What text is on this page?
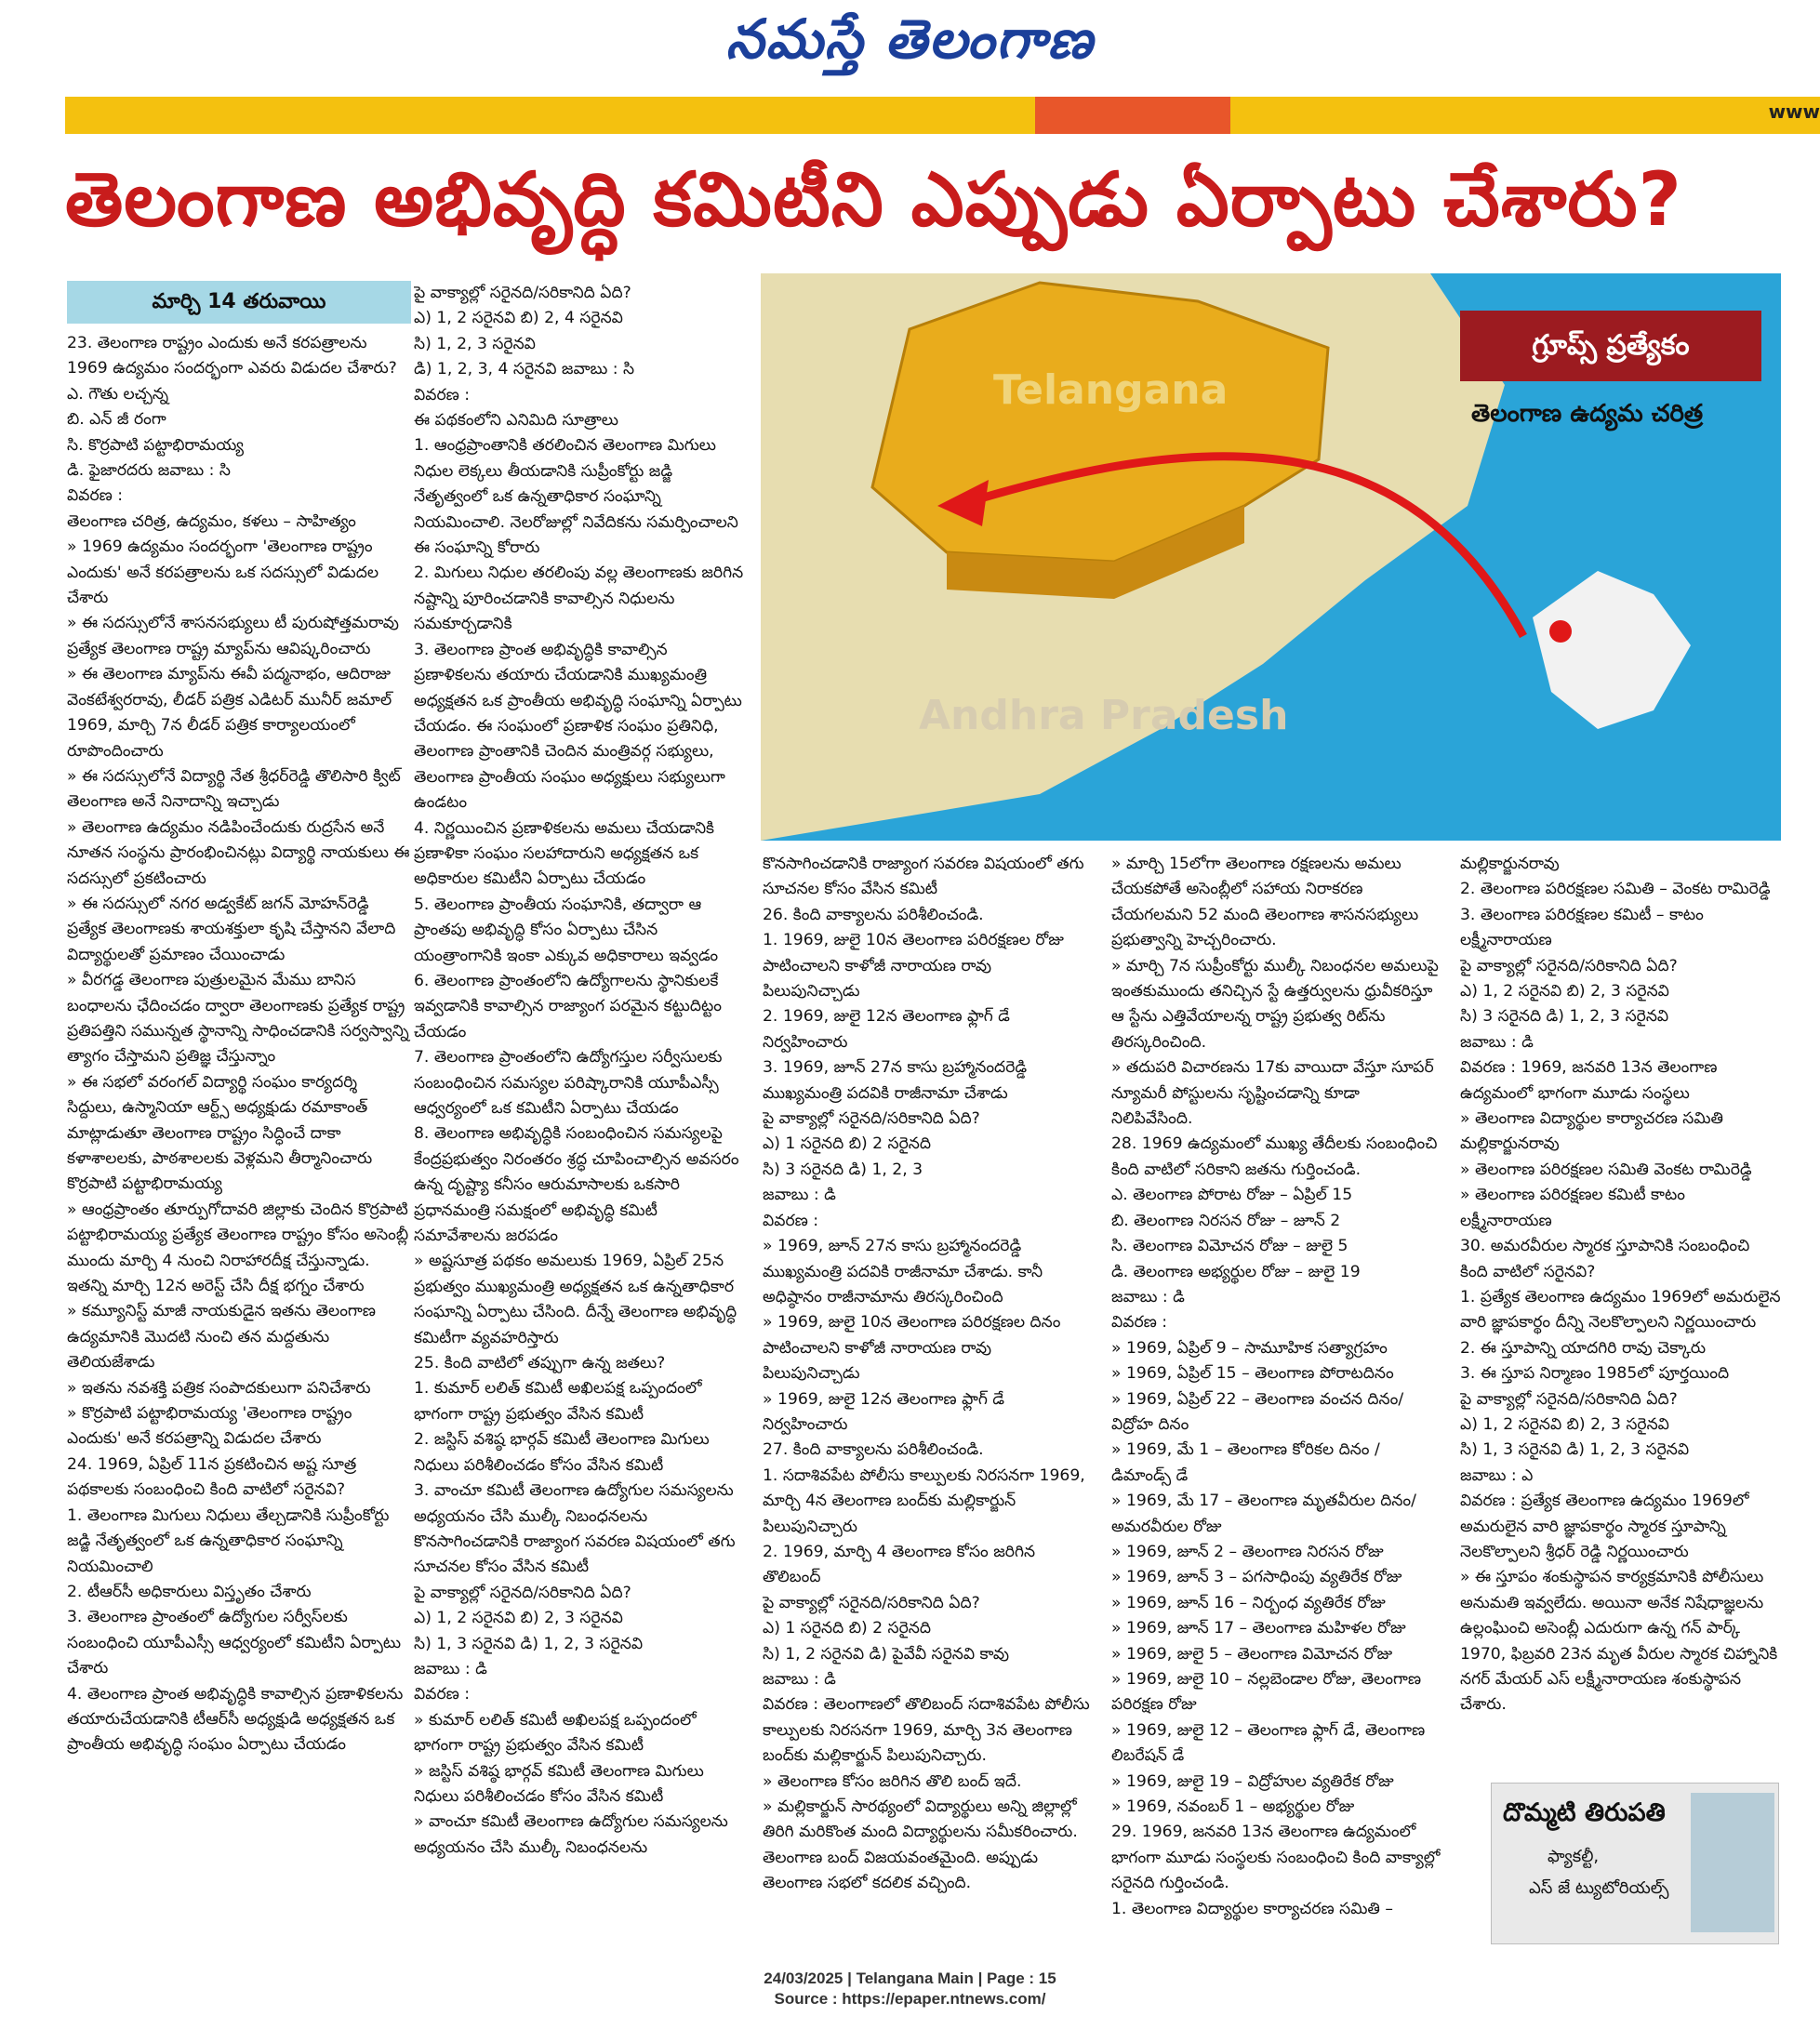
నమస్తే తెలంగాణ
www
తెలంగాణ అభివృద్ధి కమిటీని ఎప్పుడు ఏర్పాటు చేశారు?
మార్చి 14 తరువాయి

23. తెలంగాణ రాష్ట్రం ఎందుకు అనే కరపత్రాలను 1969 ఉద్యమం సందర్భంగా ఎవరు విడుదల చేశారు?

ఎ. గౌతు లచ్చన్న

బి. ఎన్ జీ రంగా

సి. కొర్రపాటి పట్టాభిరామయ్య

డి. ఫైజారదరు జవాబు : సి

వివరణ :

తెలంగాణ చరిత్ర, ఉద్యమం, కళలు – సాహిత్యం

» 1969 ఉద్యమం సందర్భంగా 'తెలంగాణ రాష్ట్రం ఎందుకు' అనే కరపత్రాలను ఒక సదస్సులో విడుదల చేశారు

» ఈ సదస్సులోనే శాసనసభ్యులు టీ పురుషోత్తమరావు ప్రత్యేక తెలంగాణ రాష్ట్ర మ్యాప్‌ను ఆవిష్కరించారు

» ఈ తెలంగాణ మ్యాప్‌ను ఈవీ పద్మనాభం, ఆదిరాజు వెంకటేశ్వరరావు, లీడర్ పత్రిక ఎడిటర్ మునీర్ జమాల్ 1969, మార్చి 7న లీడర్ పత్రిక కార్యాలయంలో రూపొందించారు

» ఈ సదస్సులోనే విద్యార్థి నేత శ్రీధర్‌రెడ్డి తొలిసారి క్విట్ తెలంగాణ అనే నినాదాన్ని ఇచ్చాడు

» తెలంగాణ ఉద్యమం నడిపించేందుకు రుద్రసేన అనే నూతన సంస్థను ప్రారంభించినట్లు విద్యార్థి నాయకులు ఈ సదస్సులో ప్రకటించారు

» ఈ సదస్సులో నగర అడ్వకేట్ జగన్ మోహన్‌రెడ్డి ప్రత్యేక తెలంగాణకు శాయశక్తులా కృషి చేస్తానని వేలాది విద్యార్థులతో ప్రమాణం చేయించాడు

» వీరగడ్డ తెలంగాణ పుత్రులమైన మేము బానిస బంధాలను ఛేదించడం ద్వారా తెలంగాణకు ప్రత్యేక రాష్ట్ర ప్రతిపత్తిని సమున్నత స్థానాన్ని సాధించడానికి సర్వస్వాన్ని త్యాగం చేస్తామని ప్రతిజ్ఞ చేస్తున్నాం

» ఈ సభలో వరంగల్ విద్యార్థి సంఘం కార్యదర్శి సిద్దులు, ఉస్మానియా ఆర్ట్స్ అధ్యక్షుడు రమాకాంత్ మాట్లాడుతూ తెలంగాణ రాష్ట్రం సిద్ధించే దాకా కళాశాలలకు, పాఠశాలలకు వెళ్లమని తీర్మానించారు

కొర్రపాటి పట్టాభిరామయ్య

» ఆంధ్రప్రాంతం తూర్పుగోదావరి జిల్లాకు చెందిన కొర్రపాటి పట్టాభిరామయ్య ప్రత్యేక తెలంగాణ రాష్ట్రం కోసం అసెంబ్లీ ముందు మార్చి 4 నుంచి నిరాహారదీక్ష చేస్తున్నాడు. ఇతన్ని మార్చి 12న అరెస్ట్ చేసి దీక్ష భగ్నం చేశారు

» కమ్యూనిస్ట్ మాజీ నాయకుడైన ఇతను తెలంగాణ ఉద్యమానికి మొదటి నుంచి తన మద్దతును తెలియజేశాడు

» ఇతను నవశక్తి పత్రిక సంపాదకులుగా పనిచేశారు

» కొర్రపాటి పట్టాభిరామయ్య 'తెలంగాణ రాష్ట్రం ఎందుకు' అనే కరపత్రాన్ని విడుదల చేశారు

24. 1969, ఏప్రిల్ 11న ప్రకటించిన అష్ట సూత్ర పథకాలకు సంబంధించి కింది వాటిలో సరైనవి?

1. తెలంగాణ మిగులు నిధులు తేల్చడానికి సుప్రీంకోర్టు జడ్జి నేతృత్వంలో ఒక ఉన్నతాధికార సంఘాన్ని నియమించాలి

2. టీఆర్‌సీ అధికారులు విస్తృతం చేశారు

3. తెలంగాణ ప్రాంతంలో ఉద్యోగుల సర్వీస్‌లకు సంబంధించి యూపీఎస్సీ ఆధ్వర్యంలో కమిటీని ఏర్పాటు చేశారు

4. తెలంగాణ ప్రాంత అభివృద్ధికి కావాల్సిన ప్రణాళికలను తయారుచేయడానికి టీఆర్‌సీ అధ్యక్షుడి అధ్యక్షతన ఒక ప్రాంతీయ అభివృద్ధి సంఘం ఏర్పాటు చేయడం

పై వాక్యాల్లో సరైనది/సరికానిది ఏది?

ఎ) 1, 2 సరైనవి బి) 2, 4 సరైనవి

సి) 1, 2, 3 సరైనవి

డి) 1, 2, 3, 4 సరైనవి జవాబు : సి

వివరణ :

ఈ పథకంలోని ఎనిమిది సూత్రాలు

1. ఆంధ్రప్రాంతానికి తరలించిన తెలంగాణ మిగులు నిధుల లెక్కలు తీయడానికి సుప్రీంకోర్టు జడ్జి నేతృత్వంలో ఒక ఉన్నతాధికార సంఘాన్ని నియమించాలి. నెలరోజుల్లో నివేదికను సమర్పించాలని ఈ సంఘాన్ని కోరారు

2. మిగులు నిధుల తరలింపు వల్ల తెలంగాణకు జరిగిన నష్టాన్ని పూరించడానికి కావాల్సిన నిధులను సమకూర్చడానికి

3. తెలంగాణ ప్రాంత అభివృద్ధికి కావాల్సిన ప్రణాళికలను తయారు చేయడానికి ముఖ్యమంత్రి అధ్యక్షతన ఒక ప్రాంతీయ అభివృద్ధి సంఘాన్ని ఏర్పాటు చేయడం. ఈ సంఘంలో ప్రణాళిక సంఘం ప్రతినిధి, తెలంగాణ ప్రాంతానికి చెందిన మంత్రివర్గ సభ్యులు, తెలంగాణ ప్రాంతీయ సంఘం అధ్యక్షులు సభ్యులుగా ఉండటం

4. నిర్ణయించిన ప్రణాళికలను అమలు చేయడానికి ప్రణాళికా సంఘం సలహాదారుని అధ్యక్షతన ఒక అధికారుల కమిటీని ఏర్పాటు చేయడం

5. తెలంగాణ ప్రాంతీయ సంఘానికి, తద్వారా ఆ ప్రాంతపు అభివృద్ధి కోసం ఏర్పాటు చేసిన యంత్రాంగానికి ఇంకా ఎక్కువ అధికారాలు ఇవ్వడం

6. తెలంగాణ ప్రాంతంలోని ఉద్యోగాలను స్థానికులకే ఇవ్వడానికి కావాల్సిన రాజ్యాంగ పరమైన కట్టుదిట్టం చేయడం

7. తెలంగాణ ప్రాంతంలోని ఉద్యోగస్తుల సర్వీసులకు సంబంధించిన సమస్యల పరిష్కారానికి యూపీఎస్సీ ఆధ్వర్యంలో ఒక కమిటీని ఏర్పాటు చేయడం

8. తెలంగాణ అభివృద్ధికి సంబంధించిన సమస్యలపై కేంద్రప్రభుత్వం నిరంతరం శ్రద్ధ చూపించాల్సిన అవసరం ఉన్న దృష్ట్యా కనీసం ఆరుమాసాలకు ఒకసారి ప్రధానమంత్రి సమక్షంలో అభివృద్ధి కమిటీ సమావేశాలను జరపడం

» అష్టసూత్ర పథకం అమలుకు 1969, ఏప్రిల్ 25న ప్రభుత్వం ముఖ్యమంత్రి అధ్యక్షతన ఒక ఉన్నతాధికార సంఘాన్ని ఏర్పాటు చేసింది. దీన్నే తెలంగాణ అభివృద్ధి కమిటీగా వ్యవహరిస్తారు

25. కింది వాటిలో తప్పుగా ఉన్న జతలు?

1. కుమార్ లలిత్ కమిటీ అఖిలపక్ష ఒప్పందంలో భాగంగా రాష్ట్ర ప్రభుత్వం వేసిన కమిటీ

2. జస్టిస్ వశిష్ఠ భార్గవ్ కమిటీ తెలంగాణ మిగులు నిధులు పరిశీలించడం కోసం వేసిన కమిటీ

3. వాంచూ కమిటీ తెలంగాణ ఉద్యోగుల సమస్యలను అధ్యయనం చేసి ముల్కీ నిబంధనలను కొనసాగించడానికి రాజ్యాంగ సవరణ విషయంలో తగు సూచనల కోసం వేసిన కమిటీ

పై వాక్యాల్లో సరైనది/సరికానిది ఏది?

ఎ) 1, 2 సరైనవి బి) 2, 3 సరైనవి

సి) 1, 3 సరైనవి డి) 1, 2, 3 సరైనవి

జవాబు : డి

వివరణ :

» కుమార్ లలిత్ కమిటీ అఖిలపక్ష ఒప్పందంలో భాగంగా రాష్ట్ర ప్రభుత్వం వేసిన కమిటీ

» జస్టిస్ వశిష్ఠ భార్గవ్ కమిటీ తెలంగాణ మిగులు నిధులు పరిశీలించడం కోసం వేసిన కమిటీ

» వాంచూ కమిటీ తెలంగాణ ఉద్యోగుల సమస్యలను అధ్యయనం చేసి ముల్కీ నిబంధనలను

కొనసాగించడానికి రాజ్యాంగ సవరణ విషయంలో తగు సూచనల కోసం వేసిన కమిటీ

26. కింది వాక్యాలను పరిశీలించండి.

1. 1969, జులై 10న తెలంగాణ పరిరక్షణల రోజు పాటించాలని కాళోజీ నారాయణ రావు పిలుపునిచ్చాడు

2. 1969, జులై 12న తెలంగాణ ఫ్లాగ్ డే నిర్వహించారు

3. 1969, జూన్ 27న కాసు బ్రహ్మానందరెడ్డి ముఖ్యమంత్రి పదవికి రాజీనామా చేశాడు

పై వాక్యాల్లో సరైనది/సరికానిది ఏది?

ఎ) 1 సరైనది బి) 2 సరైనది

సి) 3 సరైనది డి) 1, 2, 3

జవాబు : డి

వివరణ :

» 1969, జూన్ 27న కాసు బ్రహ్మానందరెడ్డి ముఖ్యమంత్రి పదవికి రాజీనామా చేశాడు. కానీ అధిష్ఠానం రాజీనామాను తిరస్కరించింది

» 1969, జులై 10న తెలంగాణ పరిరక్షణల దినం పాటించాలని కాళోజీ నారాయణ రావు పిలుపునిచ్చాడు

» 1969, జులై 12న తెలంగాణ ఫ్లాగ్ డే నిర్వహించారు

27. కింది వాక్యాలను పరిశీలించండి.

1. సదాశివపేట పోలీసు కాల్పులకు నిరసనగా 1969, మార్చి 4న తెలంగాణ బంద్‌కు మల్లికార్జున్ పిలుపునిచ్చారు

2. 1969, మార్చి 4 తెలంగాణ కోసం జరిగిన తొలిబంద్

పై వాక్యాల్లో సరైనది/సరికానిది ఏది?

ఎ) 1 సరైనది బి) 2 సరైనది

సి) 1, 2 సరైనవి డి) పైవేవీ సరైనవి కావు

జవాబు : డి

వివరణ : తెలంగాణలో తొలిబంద్ సదాశివపేట పోలీసు కాల్పులకు నిరసనగా 1969, మార్చి 3న తెలంగాణ బంద్‌కు మల్లికార్జున్ పిలుపునిచ్చారు.

» తెలంగాణ కోసం జరిగిన తొలి బంద్ ఇదే.

» మల్లికార్జున్ సారథ్యంలో విద్యార్థులు అన్ని జిల్లాల్లో తిరిగి మరికొంత మంది విద్యార్థులను సమీకరించారు. తెలంగాణ బంద్ విజయవంతమైంది. అప్పుడు తెలంగాణ సభలో కదలిక వచ్చింది.

» మార్చి 15లోగా తెలంగాణ రక్షణలను అమలు చేయకపోతే అసెంబ్లీలో సహాయ నిరాకరణ చేయగలమని 52 మంది తెలంగాణ శాసనసభ్యులు ప్రభుత్వాన్ని హెచ్చరించారు.

» మార్చి 7న సుప్రీంకోర్టు ముల్కీ నిబంధనల అమలుపై ఇంతకుముందు తనిచ్చిన స్టే ఉత్తర్వులను ధ్రువీకరిస్తూ ఆ స్టేను ఎత్తివేయాలన్న రాష్ట్ర ప్రభుత్వ రిట్‌ను తిరస్కరించింది.

» తదుపరి విచారణను 17కు వాయిదా వేస్తూ సూపర్ న్యూమరీ పోస్టులను సృష్టించడాన్ని కూడా నిలిపివేసింది.

28. 1969 ఉద్యమంలో ముఖ్య తేదీలకు సంబంధించి కింది వాటిలో సరికాని జతను గుర్తించండి.

ఎ. తెలంగాణ పోరాట రోజు – ఏప్రిల్ 15

బి. తెలంగాణ నిరసన రోజు – జూన్ 2

సి. తెలంగాణ విమోచన రోజు – జులై 5

డి. తెలంగాణ అభ్యర్థుల రోజు – జులై 19

జవాబు : డి

వివరణ :

» 1969, ఏప్రిల్ 9 – సామూహిక సత్యాగ్రహం

» 1969, ఏప్రిల్ 15 – తెలంగాణ పోరాటదినం

» 1969, ఏప్రిల్ 22 – తెలంగాణ వంచన దినం/ విద్రోహ దినం

» 1969, మే 1 – తెలంగాణ కోరికల దినం / డిమాండ్స్ డే

» 1969, మే 17 – తెలంగాణ మృతవీరుల దినం/ అమరవీరుల రోజు

» 1969, జూన్ 2 – తెలంగాణ నిరసన రోజు

» 1969, జూన్ 3 – పగసాధింపు వ్యతిరేక రోజు

» 1969, జూన్ 16 – నిర్బంధ వ్యతిరేక రోజు

» 1969, జూన్ 17 – తెలంగాణ మహిళల రోజు

» 1969, జులై 5 – తెలంగాణ విమోచన రోజు

» 1969, జులై 10 – నల్లబెండాల రోజు, తెలంగాణ పరిరక్షణ రోజు

» 1969, జులై 12 – తెలంగాణ ఫ్లాగ్ డే, తెలంగాణ లిబరేషన్ డే

» 1969, జులై 19 – విద్రోహుల వ్యతిరేక రోజు

» 1969, నవంబర్ 1 – అభ్యర్థుల రోజు

29. 1969, జనవరి 13న తెలంగాణ ఉద్యమంలో భాగంగా మూడు సంస్థలకు సంబంధించి కింది వాక్యాల్లో సరైనది గుర్తించండి.

1. తెలంగాణ విద్యార్థుల కార్యాచరణ సమితి –

మల్లికార్జునరావు

2. తెలంగాణ పరిరక్షణల సమితి – వెంకట రామిరెడ్డి

3. తెలంగాణ పరిరక్షణల కమిటీ – కాటం లక్ష్మీనారాయణ

పై వాక్యాల్లో సరైనది/సరికానిది ఏది?

ఎ) 1, 2 సరైనవి బి) 2, 3 సరైనవి

సి) 3 సరైనది డి) 1, 2, 3 సరైనవి

జవాబు : డి

వివరణ : 1969, జనవరి 13న తెలంగాణ ఉద్యమంలో భాగంగా మూడు సంస్థలు

» తెలంగాణ విద్యార్థుల కార్యాచరణ సమితి మల్లికార్జునరావు

» తెలంగాణ పరిరక్షణల సమితి వెంకట రామిరెడ్డి

» తెలంగాణ పరిరక్షణల కమిటీ కాటం లక్ష్మీనారాయణ

30. అమరవీరుల స్మారక స్తూపానికి సంబంధించి కింది వాటిలో సరైనవి?

1. ప్రత్యేక తెలంగాణ ఉద్యమం 1969లో అమరులైన వారి జ్ఞాపకార్థం దీన్ని నెలకొల్పాలని నిర్ణయించారు

2. ఈ స్తూపాన్ని యాదగిరి రావు చెక్కారు

3. ఈ స్తూప నిర్మాణం 1985లో పూర్తయింది

పై వాక్యాల్లో సరైనది/సరికానిది ఏది?

ఎ) 1, 2 సరైనవి బి) 2, 3 సరైనవి

సి) 1, 3 సరైనవి డి) 1, 2, 3 సరైనవి

జవాబు : ఎ

వివరణ : ప్రత్యేక తెలంగాణ ఉద్యమం 1969లో అమరులైన వారి జ్ఞాపకార్థం స్మారక స్తూపాన్ని నెలకొల్పాలని శ్రీధర్ రెడ్డి నిర్ణయించారు

» ఈ స్తూపం శంకుస్థాపన కార్యక్రమానికి పోలీసులు అనుమతి ఇవ్వలేదు. అయినా అనేక నిషేధాజ్ఞలను ఉల్లంఘించి అసెంబ్లీ ఎదురుగా ఉన్న గన్ పార్క్ 1970, ఫిబ్రవరి 23న మృత వీరుల స్మారక చిహ్నానికి నగర్ మేయర్ ఎస్ లక్ష్మీనారాయణ శంకుస్థాపన చేశారు.

Telangana
Andhra Pradesh
గ్రూప్స్ ప్రత్యేకం
తెలంగాణ ఉద్యమ చరిత్ర
దొమ్మటి తిరుపతి
ఫ్యాకల్టీ,
ఎస్ జే ట్యుటోరియల్స్
24/03/2025 | Telangana Main | Page : 15
Source : https://epaper.ntnews.com/
